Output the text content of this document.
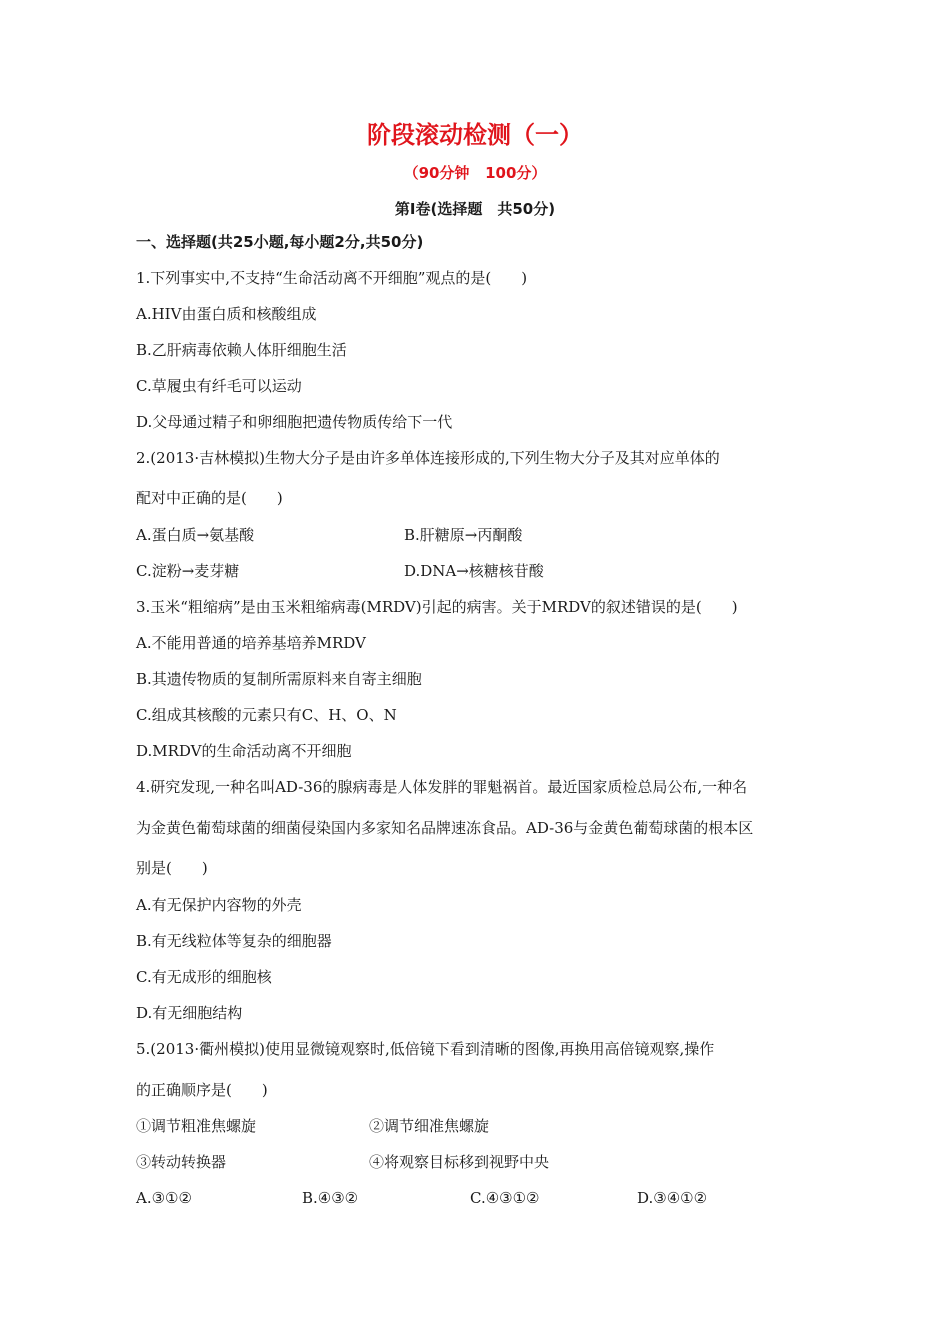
阶段滚动检测（一）
（90分钟 100分）
第Ⅰ卷(选择题　共50分)
一、选择题(共25小题,每小题2分,共50分)
1.下列事实中,不支持“生命活动离不开细胞”观点的是(　　)
A.HIV由蛋白质和核酸组成
B.乙肝病毒依赖人体肝细胞生活
C.草履虫有纤毛可以运动
D.父母通过精子和卵细胞把遗传物质传给下一代
2.(2013·吉林模拟)生物大分子是由许多单体连接形成的,下列生物大分子及其对应单体的
配对中正确的是(　　)
A.蛋白质→氨基酸	B.肝糖原→丙酮酸
C.淀粉→麦芽糖	D.DNA→核糖核苷酸
3.玉米“粗缩病”是由玉米粗缩病毒(MRDV)引起的病害。关于MRDV的叙述错误的是(　　)
A.不能用普通的培养基培养MRDV
B.其遗传物质的复制所需原料来自寄主细胞
C.组成其核酸的元素只有C、H、O、N
D.MRDV的生命活动离不开细胞
4.研究发现,一种名叫AD-36的腺病毒是人体发胖的罪魁祸首。最近国家质检总局公布,一种名
为金黄色葡萄球菌的细菌侵染国内多家知名品牌速冻食品。AD-36与金黄色葡萄球菌的根本区
别是(　　)
A.有无保护内容物的外壳
B.有无线粒体等复杂的细胞器
C.有无成形的细胞核
D.有无细胞结构
5.(2013·衢州模拟)使用显微镜观察时,低倍镜下看到清晰的图像,再换用高倍镜观察,操作
的正确顺序是(　　)
①调节粗准焦螺旋	②调节细准焦螺旋
③转动转换器	④将观察目标移到视野中央
A.③①②	B.④③②	C.④③①②	D.③④①②
